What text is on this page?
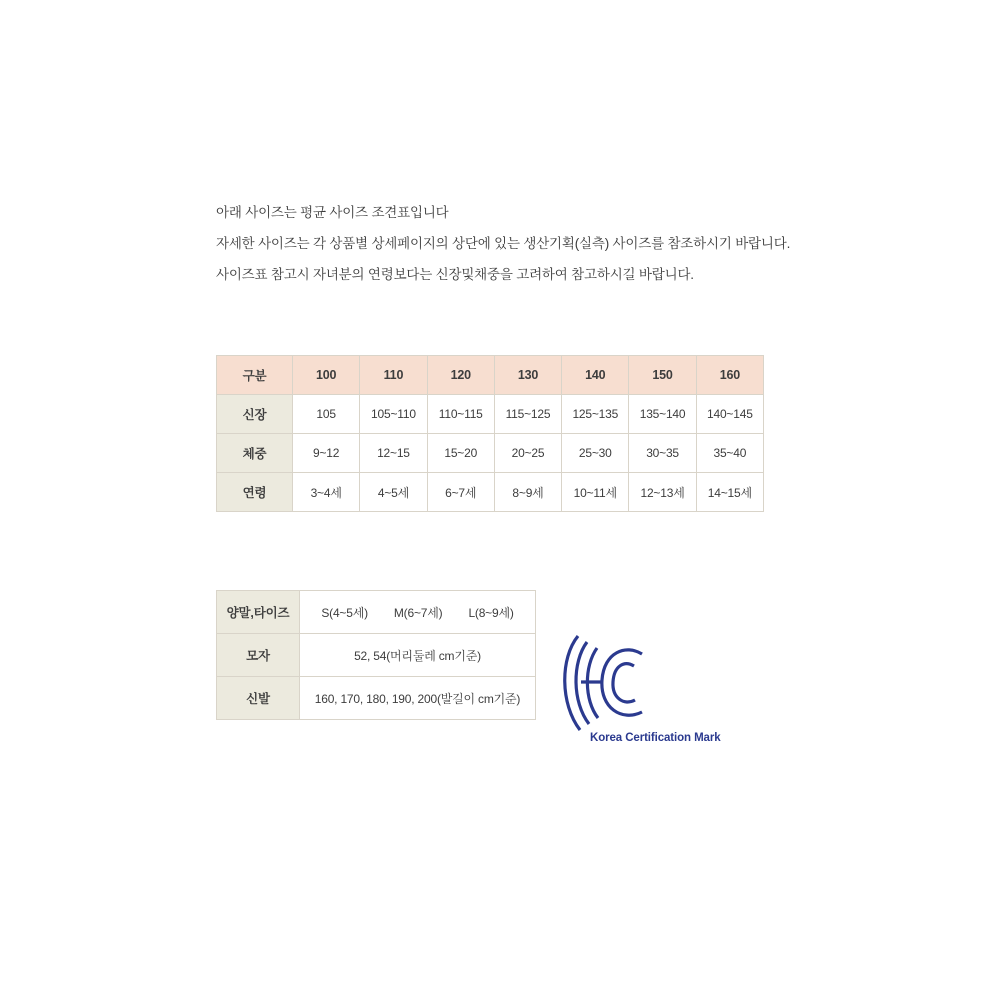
아래 사이즈는 평균 사이즈 조견표입니다

자세한 사이즈는 각 상품별 상세페이지의 상단에 있는 생산기획(실측) 사이즈를 참조하시기 바랍니다.

사이즈표 참고시 자녀분의 연령보다는 신장및채중을 고려하여 참고하시길 바랍니다.

구분	100	110	120	130	140	150	160
신장	105	105~110	110~115	115~125	125~135	135~140	140~145
체중	9~12	12~15	15~20	20~25	25~30	30~35	35~40
연령	3~4세	4~5세	6~7세	8~9세	10~11세	12~13세	14~15세
양말,타이즈	S(4~5세) M(6~7세) L(8~9세)
모자	52, 54(머리둘레 cm기준)
신발	160, 170, 180, 190, 200(발길이 cm기준)
Korea Certification Mark
